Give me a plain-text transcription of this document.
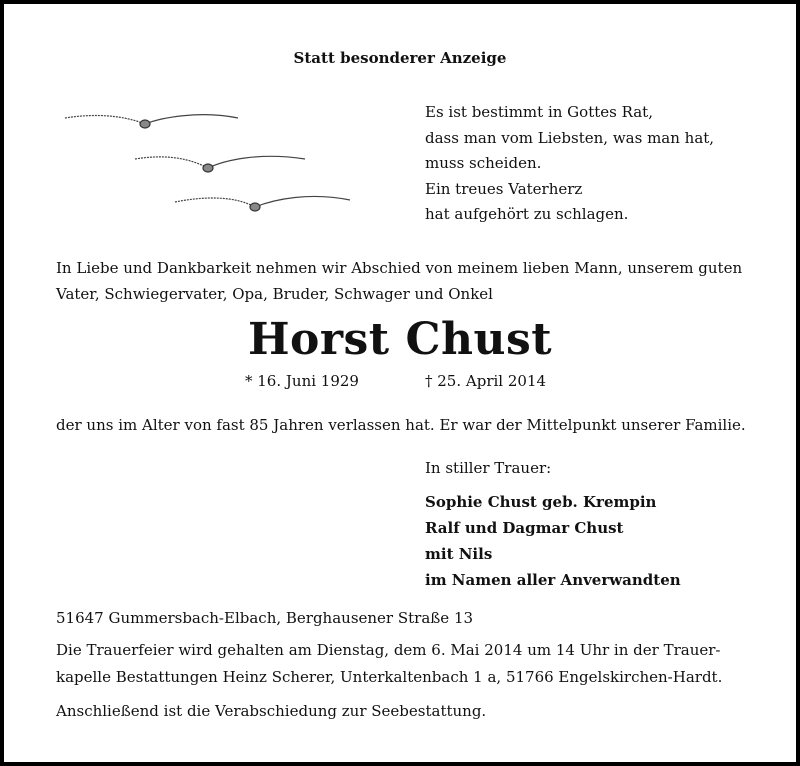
Statt besonderer Anzeige
Es ist bestimmt in Gottes Rat,
dass man vom Liebsten, was man hat,
muss scheiden.
Ein treues Vaterherz
hat aufgehört zu schlagen.
In Liebe und Dankbarkeit nehmen wir Abschied von meinem lieben Mann, unserem guten
Vater, Schwiegervater, Opa, Bruder, Schwager und Onkel
Horst Chust
* 16. Juni 1929	† 25. April 2014
der uns im Alter von fast 85 Jahren verlassen hat. Er war der Mittelpunkt unserer Familie.
In stiller Trauer:
Sophie Chust geb. Krempin
Ralf und Dagmar Chust
mit Nils
im Namen aller Anverwandten
51647 Gummersbach-Elbach, Berghausener Straße 13
Die Trauerfeier wird gehalten am Dienstag, dem 6. Mai 2014 um 14 Uhr in der Trauer-
kapelle Bestattungen Heinz Scherer, Unterkaltenbach 1 a, 51766 Engelskirchen-Hardt.
Anschließend ist die Verabschiedung zur Seebestattung.
